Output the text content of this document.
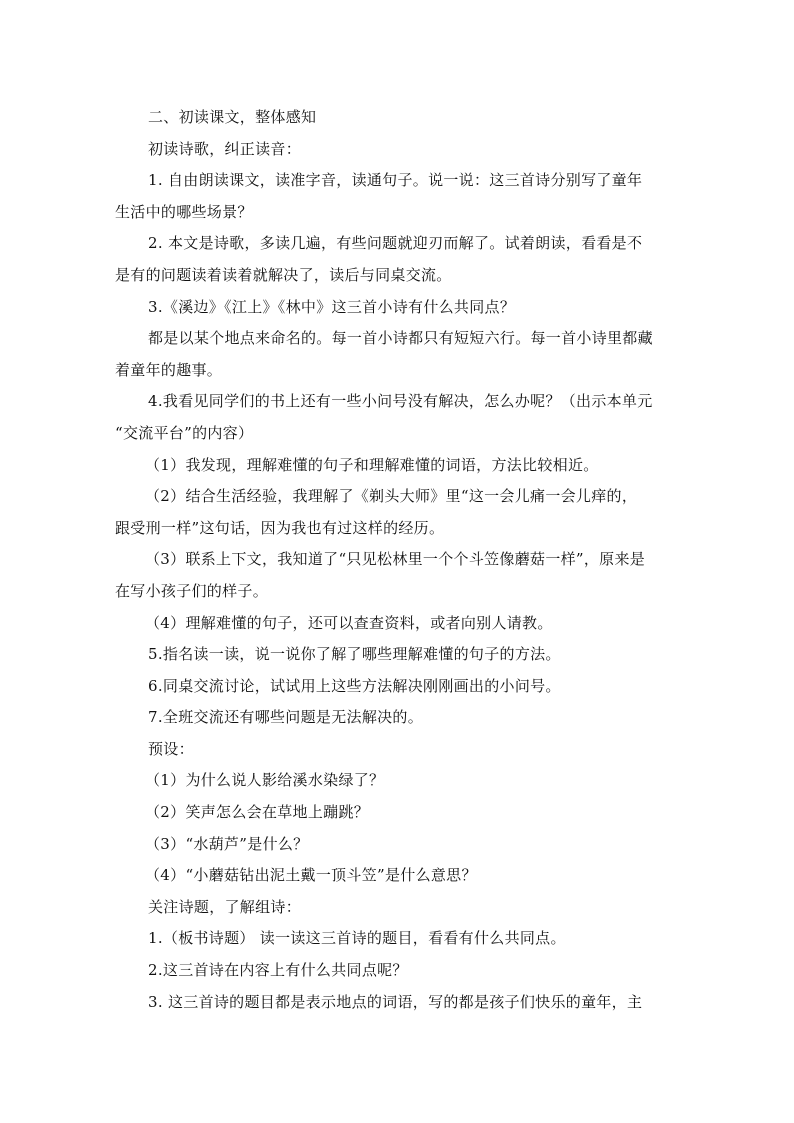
二、初读课文，整体感知

初读诗歌，纠正读音：

1. 自由朗读课文，读准字音，读通句子。说一说：这三首诗分别写了童年

生活中的哪些场景？

2. 本文是诗歌，多读几遍，有些问题就迎刃而解了。试着朗读，看看是不

是有的问题读着读着就解决了，读后与同桌交流。

3.《溪边》《江上》《林中》这三首小诗有什么共同点？

都是以某个地点来命名的。每一首小诗都只有短短六行。每一首小诗里都藏

着童年的趣事。

4.我看见同学们的书上还有一些小问号没有解决，怎么办呢？（出示本单元

“交流平台”的内容）

（1）我发现，理解难懂的句子和理解难懂的词语，方法比较相近。

（2）结合生活经验，我理解了《剃头大师》里“这一会儿痛一会儿痒的，

跟受刑一样”这句话，因为我也有过这样的经历。

（3）联系上下文，我知道了“只见松林里一个个斗笠像蘑菇一样”，原来是

在写小孩子们的样子。

（4）理解难懂的句子，还可以查查资料，或者向别人请教。

5.指名读一读，说一说你了解了哪些理解难懂的句子的方法。

6.同桌交流讨论，试试用上这些方法解决刚刚画出的小问号。

7.全班交流还有哪些问题是无法解决的。

预设：

（1）为什么说人影给溪水染绿了？

（2）笑声怎么会在草地上蹦跳？

（3）“水葫芦”是什么？

（4）“小蘑菇钻出泥土戴一顶斗笠”是什么意思？

关注诗题，了解组诗：

1.（板书诗题） 读一读这三首诗的题目，看看有什么共同点。

2.这三首诗在内容上有什么共同点呢？

3. 这三首诗的题目都是表示地点的词语，写的都是孩子们快乐的童年，主
